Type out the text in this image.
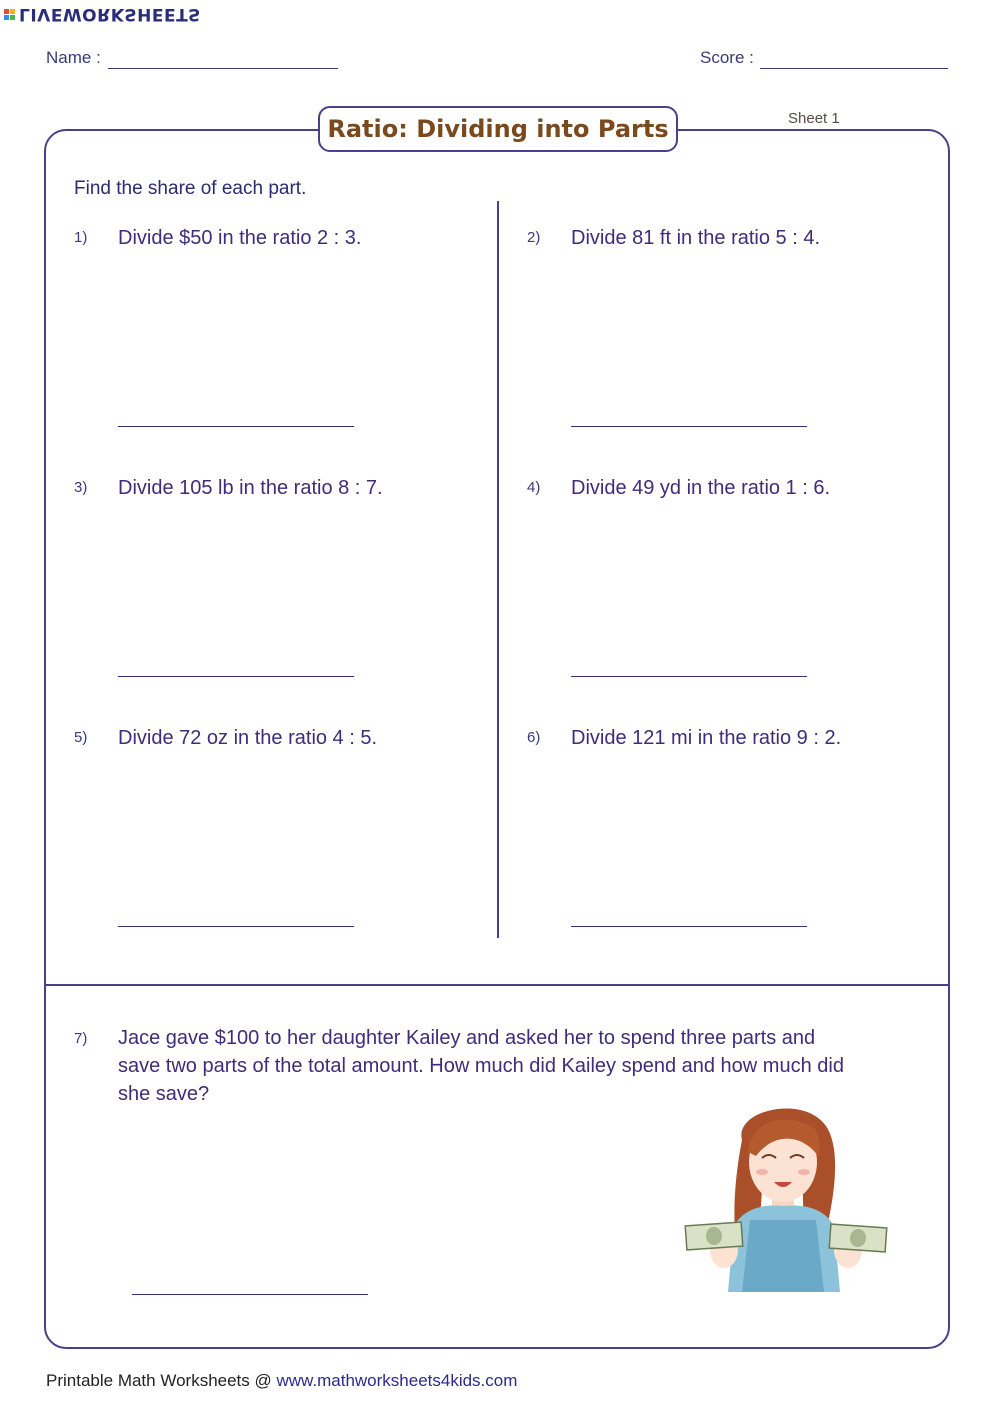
LIVEWORKSHEETS
Name :	Score :
Ratio: Dividing into Parts	Sheet 1
Find the share of each part.
1) Divide $50 in the ratio 2 : 3.	2) Divide 81 ft in the ratio 5 : 4.
3) Divide 105 lb in the ratio 8 : 7.	4) Divide 49 yd in the ratio 1 : 6.
5) Divide 72 oz in the ratio 4 : 5.	6) Divide 121 mi in the ratio 9 : 2.
7) Jace gave $100 to her daughter Kailey and asked her to spend three parts and save two parts of the total amount. How much did Kailey spend and how much did she save?
Printable Math Worksheets @ www.mathworksheets4kids.com
